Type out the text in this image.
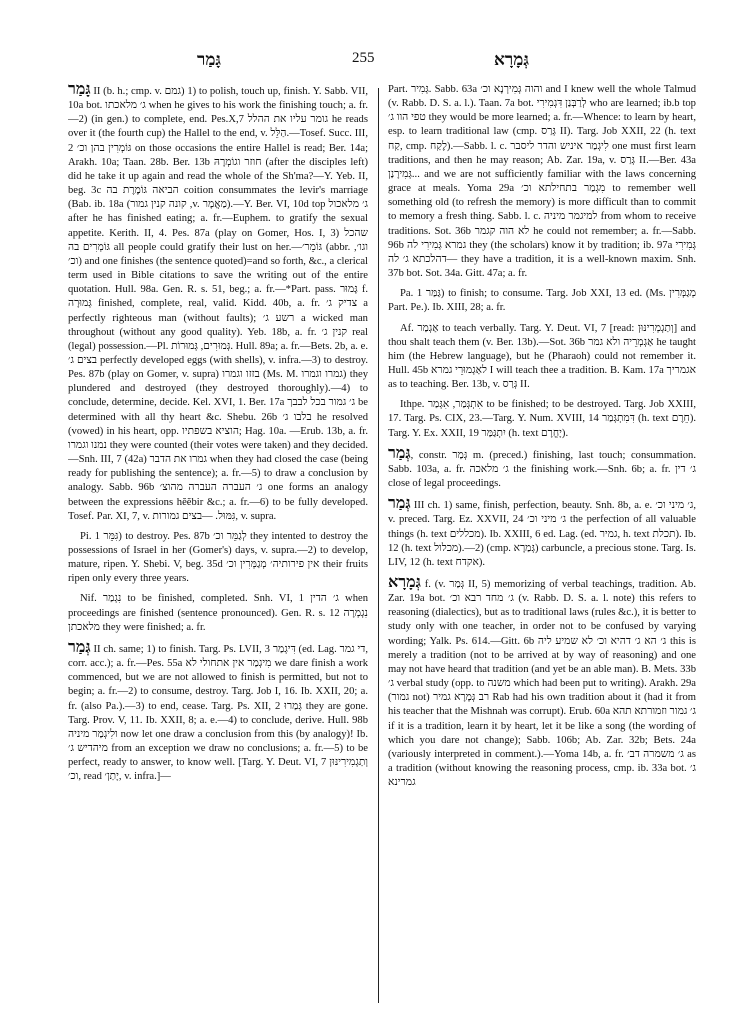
גָּמַר	255	גְּמָרָא

גָּמַר II (b. h.; cmp. v. גמם) 1) to polish, touch up, finish. Y. Sabb. VII, 10a bot. ג׳ מלאכתו when he gives to his work the finishing touch; a. fr.—2) (in gen.) to complete, end. Pes.X,7 גומר עליו את ההלל he reads over it (the fourth cup) the Hallel to the end, v. הַלֵּל.—Tosef. Succ. III, 2 גּוֹמְרִין בהן וכ׳ on those occasions the entire Hallel is read; Ber. 14a; Arakh. 10a; Taan. 28b. Ber. 13b חוזר וגוֹמְרָהּ (after the disciples left) did he take it up again and read the whole of the Sh'ma?—Y. Yeb. II, beg. 3c הביאה גּוֹמֶרֶת בה coition consummates the levir's marriage (Bab. ib. 18a (קונה קנין גמור ,v. מַאֲמָר).—Y. Ber. VI, 10d top ג׳ מלאכול after he has finished eating; a. fr.—Euphem. to gratify the sexual appetite. Kerith. II, 4. Pes. 87a (play on Gomer, Hos. I, 3) שהכל גּוֹמְרִים בה all people could gratify their lust on her.—גּוֹמֵר׳ (abbr. וגו׳, וכ׳) and one finishes (the sentence quoted)=and so forth, &c., a clerical term used in Bible citations to save the writing out of the entire quotation. Hull. 98a. Gen. R. s. 51, beg.; a. fr.—*Part. pass. גָּמוּר f. גְּמוּרָה finished, complete, real, valid. Kidd. 40b, a. fr. צדיק ג׳ a perfectly righteous man (without faults); רשע ג׳ a wicked man throughout (without any good quality). Yeb. 18b, a. fr. קנין ג׳ real (legal) possession.—Pl. גְּמוּרִים, גְּמוּרוֹת. Hull. 89a; a. fr.—Bets. 2b, a. e. בצים ג׳ perfectly developed eggs (with shells), v. infra.—3) to destroy. Pes. 87b (play on Gomer, v. supra) בזזו וגמרו (Ms. M. גמרו וגמרו) they plundered and destroyed (they destroyed thoroughly).—4) to conclude, determine, decide. Kel. XVI, 1. Ber. 17a ג׳ גמור בכל לבבך be determined with all thy heart &c. Shebu. 26b בלבו ג׳ he resolved (vowed) in his heart, opp. הוציא בשפתיו; Hag. 10a. —Erub. 13b, a. fr. נמנו וגמרו they were counted (their votes were taken) and they decided.—Snh. III, 7 (42a) גמרו את הדבר when they had closed the case (being ready for publishing the sentence); a. fr.—5) to draw a conclusion by analogy. Sabb. 96b ג׳ העברה העברה מהוצ׳ one forms an analogy between the expressions hĕĕbir &c.; a. fr.—6) to be fully developed. Tosef. Par. XI, 7, v. גִּמּוּל. —בצים גמורות, v. supra.

Pi. גִּמֵּר 1) to destroy. Pes. 87b לְגַמֵּר וכ׳ they intented to destroy the possessions of Israel in her (Gomer's) days, v. supra.—2) to develop, mature, ripen. Y. Shebi. V, beg. 35d אין פירותיה׳ מְגַמְּרִין וכ׳ their fruits ripen only every three years.

Nif. נִגְמַר to be finished, completed. Snh. VI, 1 ג׳ הדין when proceedings are finished (sentence pronounced). Gen. R. s. 12 נִגְמְרָה מלאכתן they were finished; a. fr.

גְּמַר II ch. same; 1) to finish. Targ. Ps. LVII, 3 דִּיגְמַר (ed. Lag. די גמר, corr. acc.); a. fr.—Pes. 55a מִיגְמַר אין אתחולי לא we dare finish a work commenced, but we are not allowed to finish is permitted, but not to begin; a. fr.—2) to consume, destroy. Targ. Job I, 16. Ib. XXII, 20; a. fr. (also Pa.).—3) to end, cease. Targ. Ps. XII, 2 גְּמַרוּ they are gone. Targ. Prov. V, 11. Ib. XXII, 8; a. e.—4) to conclude, derive. Hull. 98b ולִיגְמַר מיניה now let one draw a conclusion from this (by analogy)! Ib. מיהדיש ג׳ from an exception we draw no conclusions; a. fr.—5) to be perfect, ready to answer, to know well. [Targ. Y. Deut. VI, 7 וְתַגְמִירִינּוּן וכ׳, read יָתַן׳, v. infra.]—

Part. גְּמִיר. Sabb. 63a והוה גְּמִירְנָא וכ׳ and I knew well the whole Talmud (v. Rabb. D. S. a. l.). Taan. 7a bot. לְרַבְּנַן דִּגְמִירִי who are learned; ib.b top טפי הוו ג׳ they would be more learned; a. fr.—Whence: to learn by heart, esp. to learn traditional law (cmp. גְּרַס II). Targ. Job XXII, 22 (h. text קַח, cmp. לֶקַח).—Sabb. l. c. לִיגְמַר איניש והדר ליסבר one must first learn traditions, and then he may reason; Ab. Zar. 19a, v. גְּרַס II.—Ber. 43a גְּמִירָנַן... and we are not sufficiently familiar with the laws concerning grace at meals. Yoma 29a מִגְמַר בתחילתא וכ׳ to remember well something old (to refresh the memory) is more difficult than to commit to memory a fresh thing. Sabb. l. c. למיגמר מיניה from whom to receive traditions. Sot. 36b לא הוה קגמר he could not remember; a. fr.—Sabb. 96b גמרא גְּמִירִי לה they (the scholars) know it by tradition; ib. 97a גְּמִירִי—דהלכתא ג׳ לה they have a tradition, it is a well-known maxim. Snh. 37b bot. Sot. 34a. Gitt. 47a; a. fr.

Pa. גַּמַּר 1) to finish; to consume. Targ. Job XXI, 13 ed. (Ms. מְגַמְּרִין Part. Pe.). Ib. XIII, 28; a. fr.

Af. אַגְמַר to teach verbally. Targ. Y. Deut. VI, 7 [read: וְתַגְמְרִינּוּן] and thou shalt teach them (v. Ber. 13b).—Sot. 36b אַגְמְרֵיה ולא גמר he taught him (the Hebrew language), but he (Pharaoh) could not remember it. Hull. 45b לאַגְמוּרֵי גמרא I will teach thee a tradition. B. Kam. 17a אגמריך as to teaching. Ber. 13b, v. גְּרַס II.

Ithpe. אִתְגְּמַר, אִגְּמַר to be finished; to be destroyed. Targ. Job XXIII, 17. Targ. Ps. CIX, 23.—Targ. Y. Num. XVIII, 14 דִּמִתְגְּמַר (h. text חֵרֶם). Targ. Y. Ex. XXII, 19 יִתְגַּמַּר (h. text יָחֳרָם).

גְּמַר, constr. גְּמַר m. (preced.) finishing, last touch; consummation. Sabb. 103a, a. fr. ג׳ מלאכה the finishing work.—Snh. 6b; a. fr. ג׳ דין close of legal proceedings.

גְּמַר III ch. 1) same, finish, perfection, beauty. Snh. 8b, a. e. ג׳ מיני וכ׳, v. preced. Targ. Ez. XXVII, 24 ג׳ מיני וכ׳ the perfection of all valuable things (h. text מכללים). Ib. XXIII, 6 ed. Lag. (ed. גמיר, h. text תכלת). Ib. 12 (h. text מכלול).—2) (cmp. גְּמַרָא) carbuncle, a precious stone. Targ. Is. LIV, 12 (h. text אקדח).

גְּמָרָא f. (v. גְּמַר II, 5) memorizing of verbal teachings, tradition. Ab. Zar. 19a bot. ג׳ מחד רבא וכ׳ (v. Rabb. D. S. a. l. note) this refers to reasoning (dialectics), but as to traditional laws (rules &c.), it is better to study only with one teacher, in order not to be confused by varying wording; Yalk. Ps. 614.—Gitt. 6b ג׳ הא ג׳ דהיא וכ׳ לא שמיע ליה this is merely a tradition (not to be arrived at by way of reasoning) and one may not have heard that tradition (and yet be an able man). B. Mets. 33b ג׳ verbal study (opp. to משנה which had been put to writing). Arakh. 29a (גמור not) רב גְּמָרָא גמיר Rab had his own tradition about it (had it from his teacher that the Mishnah was corrupt). Erub. 60a ג׳ גמור וזמורתא תהא if it is a tradition, learn it by heart, let it be like a song (the wording of which you dare not change); Sabb. 106b; Ab. Zar. 32b; Bets. 24a (variously interpreted in comment.).—Yoma 14b, a. fr. ג׳ משמרה דב׳ as a tradition (without knowing the reasoning process, cmp. ib. 33a bot. ג׳ גמרינא
